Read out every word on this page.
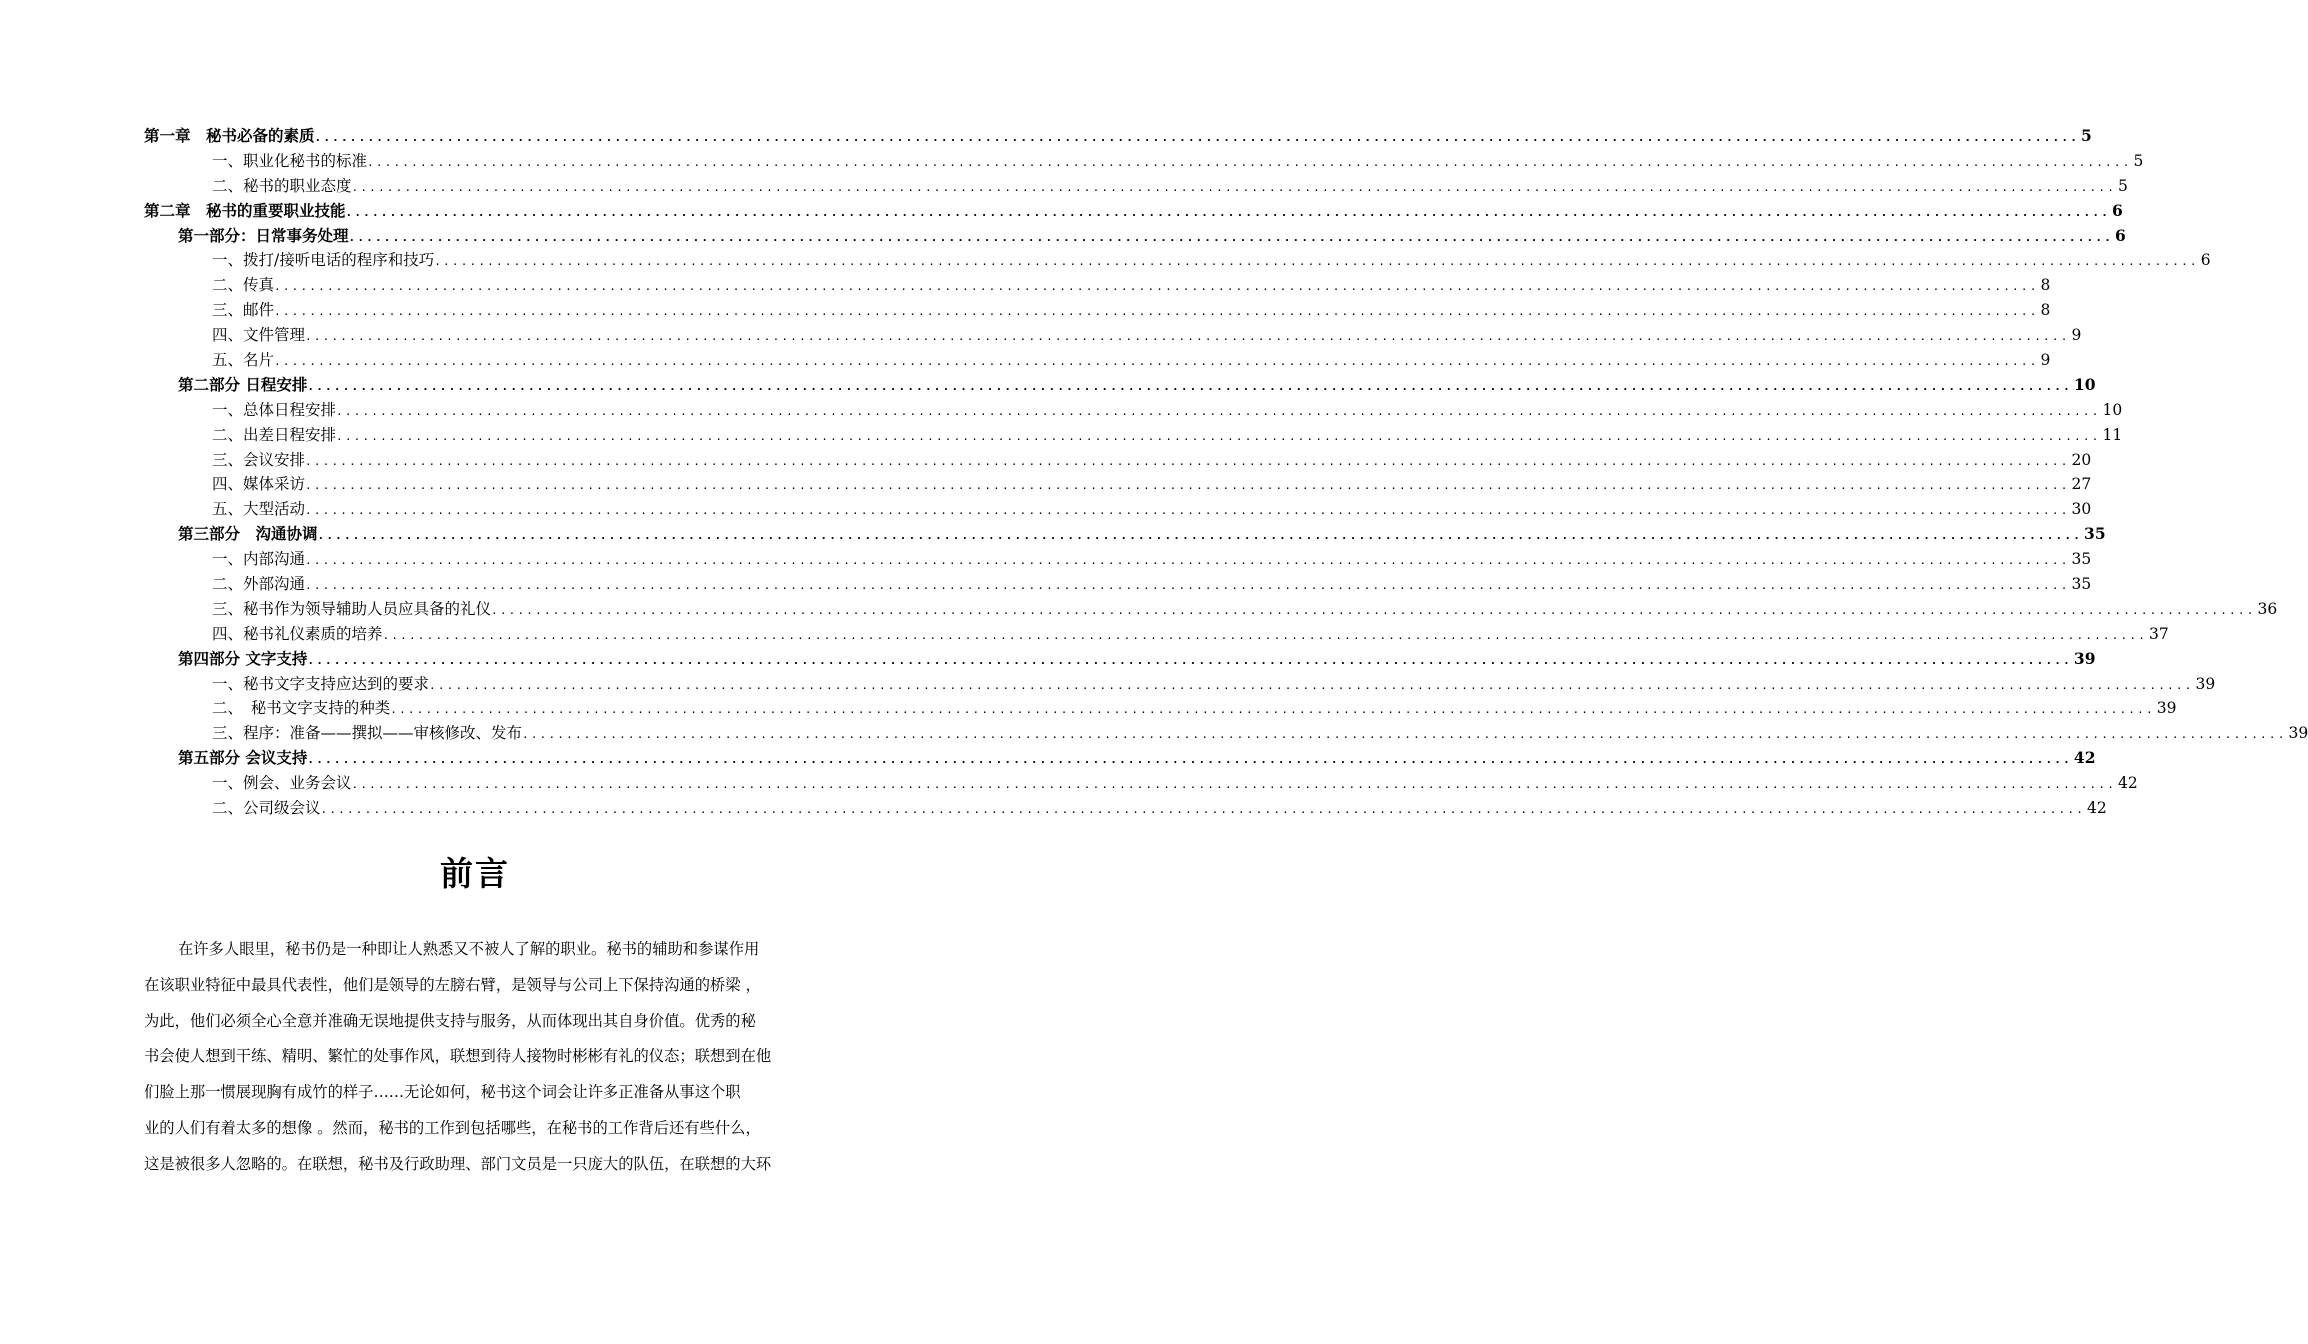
第一章　秘书必备的素质 ........................................................................................................................................................................................................ 5
一、职业化秘书的标准 ........................................................................................................................................................................................................ 5
二、秘书的职业态度 ........................................................................................................................................................................................................ 5
第二章　秘书的重要职业技能 ........................................................................................................................................................................................................ 6
第一部分：日常事务处理 ........................................................................................................................................................................................................ 6
一、拨打/接听电话的程序和技巧 ........................................................................................................................................................................................................ 6
二、传真 ........................................................................................................................................................................................................ 8
三、邮件 ........................................................................................................................................................................................................ 8
四、文件管理 ........................................................................................................................................................................................................ 9
五、名片 ........................................................................................................................................................................................................ 9
第二部分 日程安排 ........................................................................................................................................................................................................ 10
一、总体日程安排 ........................................................................................................................................................................................................ 10
二、出差日程安排 ........................................................................................................................................................................................................ 11
三、会议安排 ........................................................................................................................................................................................................ 20
四、媒体采访 ........................................................................................................................................................................................................ 27
五、大型活动 ........................................................................................................................................................................................................ 30
第三部分　沟通协调 ........................................................................................................................................................................................................ 35
一、内部沟通 ........................................................................................................................................................................................................ 35
二、外部沟通 ........................................................................................................................................................................................................ 35
三、秘书作为领导辅助人员应具备的礼仪 ........................................................................................................................................................................................................ 36
四、秘书礼仪素质的培养 ........................................................................................................................................................................................................ 37
第四部分 文字支持 ........................................................................................................................................................................................................ 39
一、秘书文字支持应达到的要求 ........................................................................................................................................................................................................ 39
二、　秘书文字支持的种类 ........................................................................................................................................................................................................ 39
三、程序：准备——撰拟——审核修改、发布 ........................................................................................................................................................................................................ 39
第五部分 会议支持 ........................................................................................................................................................................................................ 42
一、例会、业务会议 ........................................................................................................................................................................................................ 42
二、公司级会议 ........................................................................................................................................................................................................ 42
前言
在许多人眼里，秘书仍是一种即让人熟悉又不被人了解的职业。秘书的辅助和参谋作用
在该职业特征中最具代表性，他们是领导的左膀右臂，是领导与公司上下保持沟通的桥梁 ，
为此，他们必须全心全意并准确无误地提供支持与服务，从而体现出其自身价值。优秀的秘
书会使人想到干练、精明、繁忙的处事作风，联想到待人接物时彬彬有礼的仪态；联想到在他
们脸上那一惯展现胸有成竹的样子……无论如何，秘书这个词会让许多正准备从事这个职
业的人们有着太多的想像 。然而，秘书的工作到包括哪些，在秘书的工作背后还有些什么，
这是被很多人忽略的。在联想，秘书及行政助理、部门文员是一只庞大的队伍，在联想的大环
